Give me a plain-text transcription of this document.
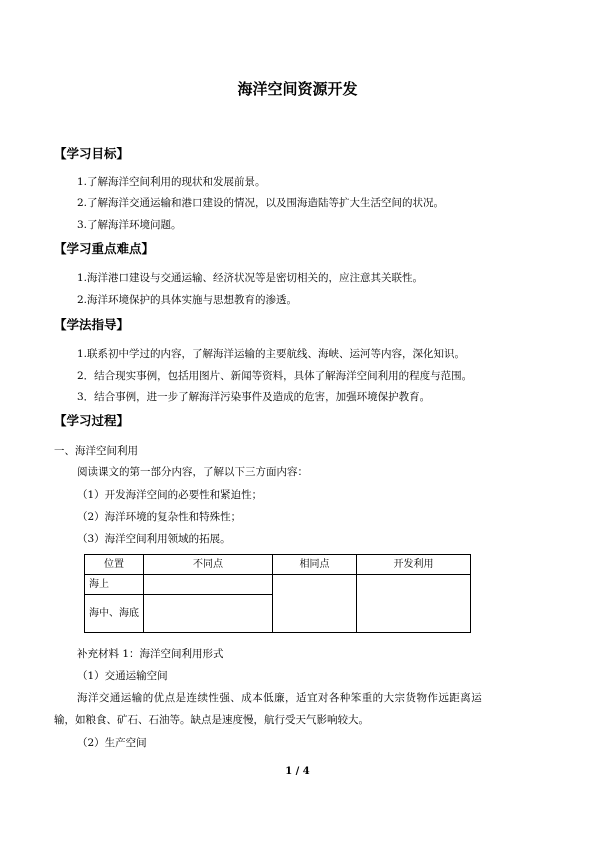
海洋空间资源开发
【学习目标】
1.了解海洋空间利用的现状和发展前景。
2.了解海洋交通运输和港口建设的情况，以及围海造陆等扩大生活空间的状况。
3.了解海洋环境问题。
【学习重点难点】
1.海洋港口建设与交通运输、经济状况等是密切相关的，应注意其关联性。
2.海洋环境保护的具体实施与思想教育的渗透。
【学法指导】
1.联系初中学过的内容，了解海洋运输的主要航线、海峡、运河等内容，深化知识。
2．结合现实事例，包括用图片、新闻等资料，具体了解海洋空间利用的程度与范围。
3．结合事例，进一步了解海洋污染事件及造成的危害，加强环境保护教育。
【学习过程】
一、海洋空间利用
阅读课文的第一部分内容，了解以下三方面内容：
（1）开发海洋空间的必要性和紧迫性；
（2）海洋环境的复杂性和特殊性；
（3）海洋空间利用领域的拓展。
位置	不同点	相同点	开发利用
海上			
海中、海底			
补充材料 1：海洋空间利用形式
（1）交通运输空间
海洋交通运输的优点是连续性强、成本低廉，适宜对各种笨重的大宗货物作远距离运
输，如粮食、矿石、石油等。缺点是速度慢，航行受天气影响较大。
（2）生产空间
1 / 4
